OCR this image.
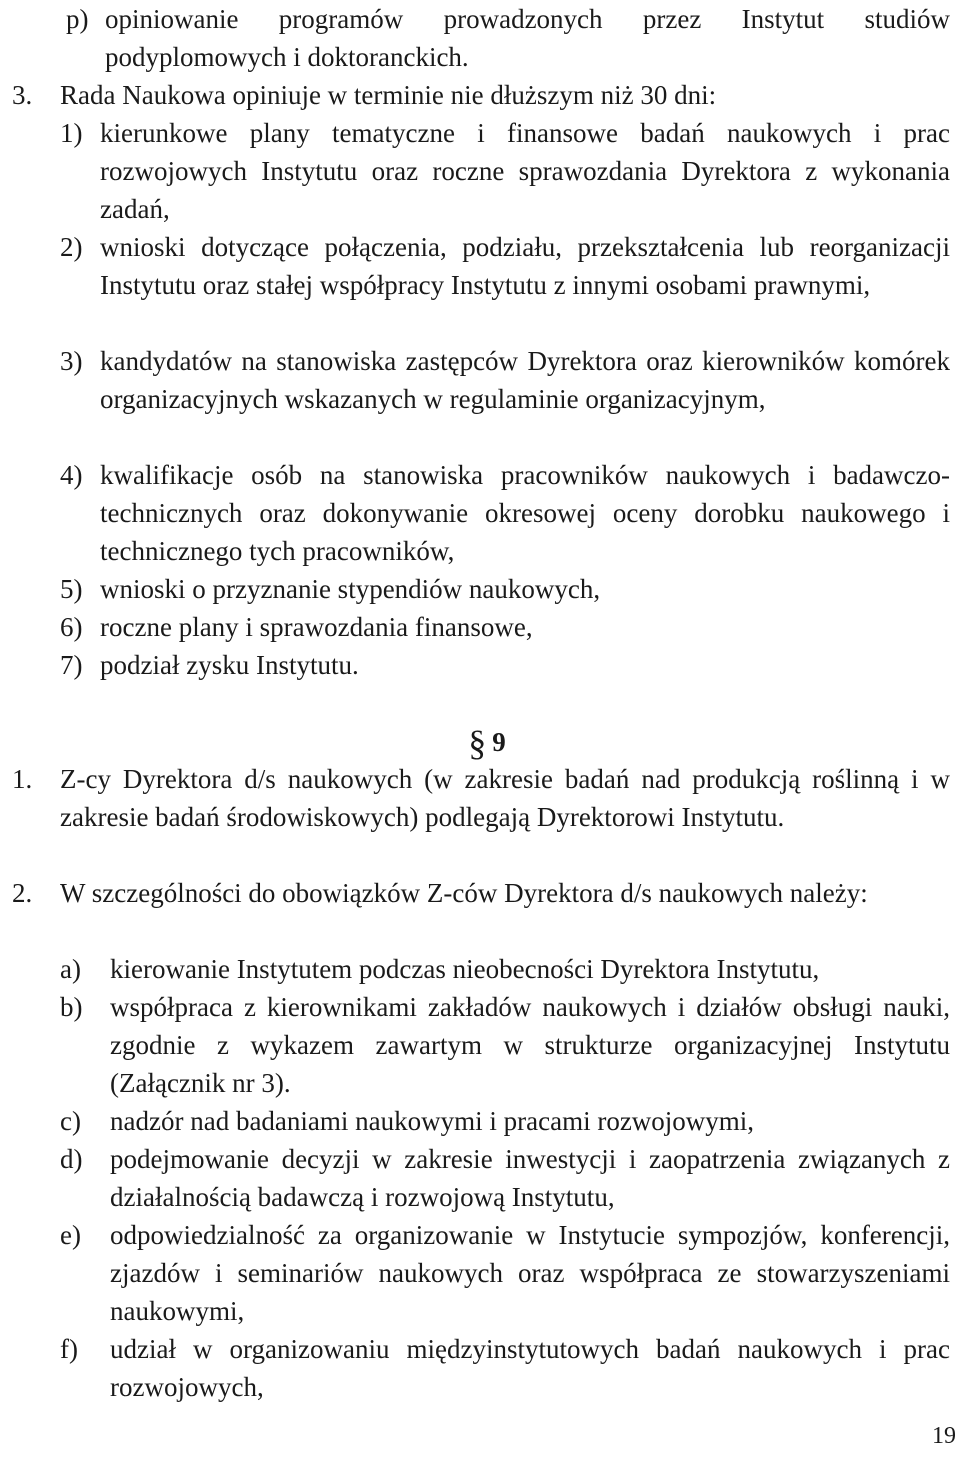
p) opiniowanie programów prowadzonych przez Instytut studiów podyplomowych i doktoranckich.
3.	Rada Naukowa opiniuje w terminie nie dłuższym niż 30 dni:
1) kierunkowe plany tematyczne i finansowe badań naukowych i prac rozwojowych Instytutu oraz roczne sprawozdania Dyrektora z wykonania zadań,
2) wnioski dotyczące połączenia, podziału, przekształcenia lub reorganizacji Instytutu oraz stałej współpracy Instytutu z innymi osobami prawnymi,
3) kandydatów na stanowiska zastępców Dyrektora oraz kierowników komórek organizacyjnych wskazanych w regulaminie organizacyjnym,
4) kwalifikacje osób na stanowiska pracowników naukowych i badawczo-technicznych oraz dokonywanie okresowej oceny dorobku naukowego i technicznego tych pracowników,
5) wnioski o przyznanie stypendiów naukowych,
6) roczne plany i sprawozdania finansowe,
7) podział zysku Instytutu.
§ 9
1.	Z-cy Dyrektora d/s naukowych (w zakresie badań nad produkcją roślinną i w zakresie badań środowiskowych) podlegają Dyrektorowi Instytutu.
2.	W szczególności do obowiązków Z-ców Dyrektora d/s naukowych należy:
a)	kierowanie Instytutem podczas nieobecności Dyrektora Instytutu,
b)	współpraca z kierownikami zakładów naukowych i działów obsługi nauki, zgodnie z wykazem zawartym w strukturze organizacyjnej Instytutu (Załącznik nr 3).
c)	nadzór nad badaniami naukowymi i pracami rozwojowymi,
d)	podejmowanie decyzji w zakresie inwestycji i zaopatrzenia związanych z działalnością badawczą i rozwojową Instytutu,
e)	odpowiedzialność za organizowanie w Instytucie sympozjów, konferencji, zjazdów i seminariów naukowych oraz współpraca ze stowarzyszeniami naukowymi,
f)	udział w organizowaniu międzyinstytutowych badań naukowych i prac rozwojowych,
19
